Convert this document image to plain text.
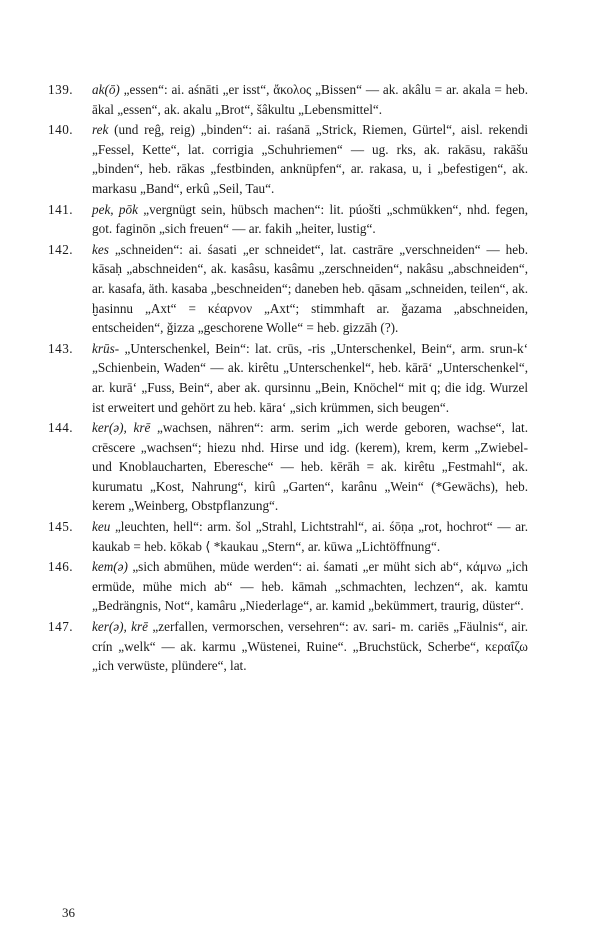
139.	ak(ō) „essen“: ai. aśnāti „er isst“, ἄκολος „Bissen“ — ak. akâlu = ar. akala = heb. ākal „essen“, ak. akalu „Brot“, šâkultu „Lebensmittel“.

140.	rek (und reĝ, reig) „binden“: ai. raśanā „Strick, Riemen, Gürtel“, aisl. rekendi „Fessel, Kette“, lat. corrigia „Schuhriemen“ — ug. rks, ak. rakāsu, rakāšu „binden“, heb. rākas „festbinden, anknüpfen“, ar. rakasa, u, i „befestigen“, ak. markasu „Band“, erkû „Seil, Tau“.

141.	pek, pōk „vergnügt sein, hübsch machen“: lit. púošti „schmükken“, nhd. fegen, got. faginōn „sich freuen“ — ar. fakih „heiter, lustig“.

142.	kes „schneiden“: ai. śasati „er schneidet“, lat. castrāre „verschneiden“ — heb. kāsaḥ „abschneiden“, ak. kasâsu, kasâmu „zerschneiden“, nakâsu „abschneiden“, ar. kasafa, äth. kasaba „beschneiden“; daneben heb. qāsam „schneiden, teilen“, ak. ḫasinnu „Axt“ = κέαρνον „Axt“; stimmhaft ar. ǧazama „abschneiden, entscheiden“, ǧizza „geschorene Wolle“ = heb. gizzāh (?).

143.	krūs- „Unterschenkel, Bein“: lat. crūs, -ris „Unterschenkel, Bein“, arm. srun-k‘ „Schienbein, Waden“ — ak. kirêtu „Unterschenkel“, heb. kārā‘ „Unterschenkel“, ar. kurā‘ „Fuss, Bein“, aber ak. qursinnu „Bein, Knöchel“ mit q; die idg. Wurzel ist erweitert und gehört zu heb. kāra‘ „sich krümmen, sich beugen“.

144.	ker(ə), krē „wachsen, nähren“: arm. serim „ich werde geboren, wachse“, lat. crēscere „wachsen“; hiezu nhd. Hirse und idg. (kerem), krem, kerm „Zwiebel- und Knoblaucharten, Eberesche“ — heb. kērāh = ak. kirêtu „Festmahl“, ak. kurumatu „Kost, Nahrung“, kirû „Garten“, karânu „Wein“ (*Gewächs), heb. kerem „Weinberg, Obstpflanzung“.

145.	keu „leuchten, hell“: arm. šol „Strahl, Lichtstrahl“, ai. śōṇa „rot, hochrot“ — ar. kaukab = heb. kōkab ⟨ *kaukau „Stern“, ar. kūwa „Lichtöffnung“.

146.	kem(ə) „sich abmühen, müde werden“: ai. śamati „er müht sich ab“, κάμνω „ich ermüde, mühe mich ab“ — heb. kāmah „schmachten, lechzen“, ak. kamtu „Bedrängnis, Not“, kamâru „Niederlage“, ar. kamid „bekümmert, traurig, düster“.

147.	ker(ə), krē „zerfallen, vermorschen, versehren“: av. sari- m. cariēs „Fäulnis“, air. crín „welk“ — ak. karmu „Wüstenei, Ruine“. „Bruchstück, Scherbe“, κεραΐζω „ich verwüste, plündere“, lat.

36
